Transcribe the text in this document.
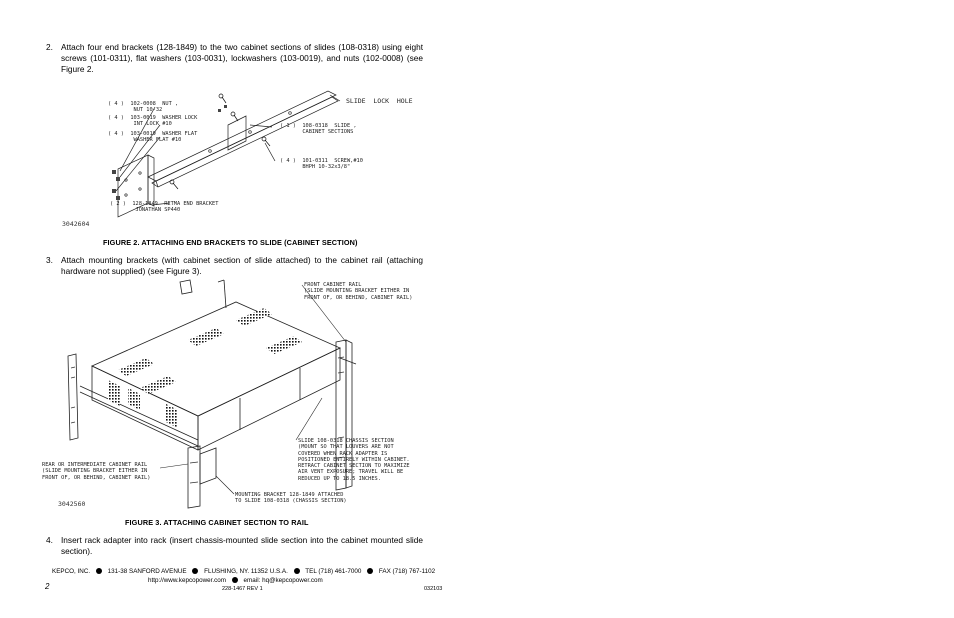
2. Attach four end brackets (128-1849) to the two cabinet sections of slides (108-0318) using eight screws (101-0311), flat washers (103-0031), lockwashers (103-0019), and nuts (102-0008) (see Figure 2.
( 4 )  102-0008  NUT ,
NUT 10-32
( 4 )  103-0019  WASHER LOCK
INT LOCK #10
( 4 )  103-0019  WASHER FLAT
WASHER FLAT #10
SLIDE  LOCK  HOLE
( 1 )  108-0318  SLIDE ,
CABINET SECTIONS
( 4 )  101-0311  SCREW,#10
BHPH 10-32x3/8"
( 2 )  128-1849  RETMA END BRACKET
JONATHAN SP440
3042604
FIGURE 2. ATTACHING END BRACKETS TO SLIDE (CABINET SECTION)
3. Attach mounting brackets (with cabinet section of slide attached) to the cabinet rail (attaching hardware not supplied) (see Figure 3).
FRONT CABINET RAIL
(SLIDE MOUNTING BRACKET EITHER IN
FRONT OF, OR BEHIND, CABINET RAIL)
SLIDE 108-0318 CHASSIS SECTION
(MOUNT SO THAT LOUVERS ARE NOT
COVERED WHEN RACK ADAPTER IS
POSITIONED ENTIRELY WITHIN CABINET.
RETRACT CABINET SECTION TO MAXIMIZE
AIR VENT EXPOSURE; TRAVEL WILL BE
REDUCED UP TO 18.5 INCHES.
REAR OR INTERMEDIATE CABINET RAIL
(SLIDE MOUNTING BRACKET EITHER IN
FRONT OF, OR BEHIND, CABINET RAIL)
MOUNTING BRACKET 128-1849 ATTACHED
TO SLIDE 108-0318 (CHASSIS SECTION)
3042560
FIGURE 3. ATTACHING CABINET SECTION TO RAIL
4. Insert rack adapter into rack (insert chassis-mounted slide section into the cabinet mounted slide section).
KEPCO, INC.	131-38 SANFORD AVENUE	FLUSHING, NY. 11352 U.S.A.	TEL (718) 461-7000	FAX (718) 767-1102
http://www.kepcopower.com	email: hq@kepcopower.com
2	228-1467 REV 1	032103
